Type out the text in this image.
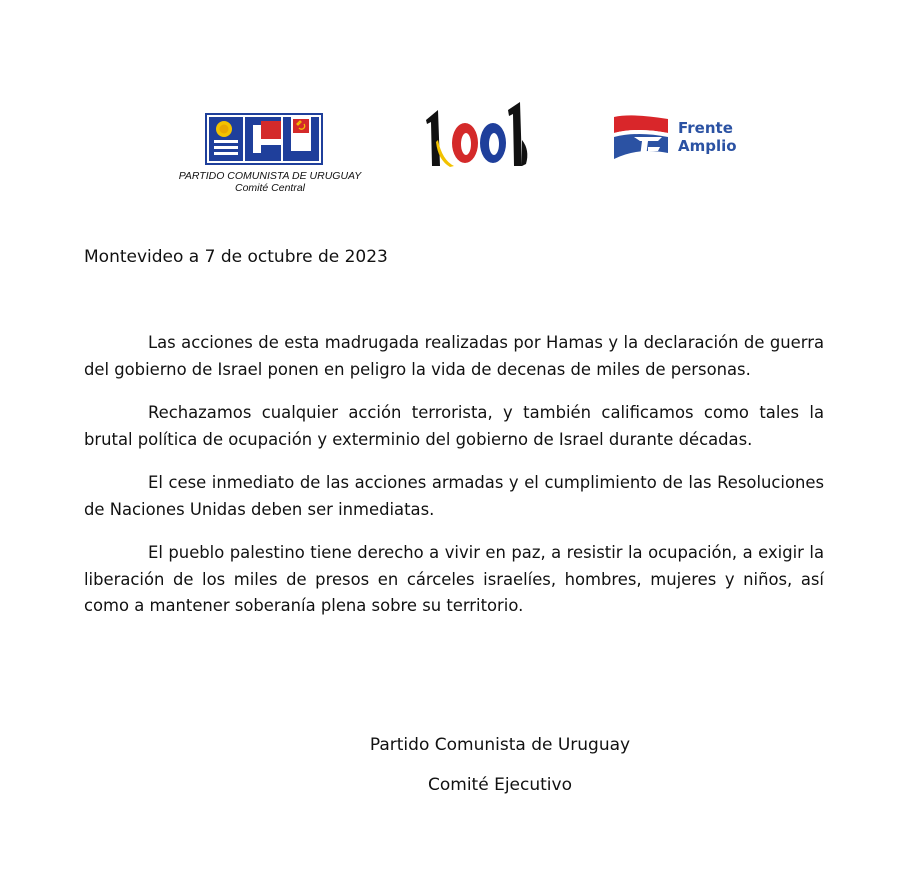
PARTIDO COMUNISTA DE URUGUAY
Comité Central
Frente
Amplio
Montevideo a 7 de octubre de 2023

Las acciones de esta madrugada realizadas por Hamas y la declaración de guerra del gobierno de Israel ponen en peligro la vida de decenas de miles de personas.

Rechazamos cualquier acción terrorista, y también calificamos como tales la brutal política de ocupación y exterminio del gobierno de Israel durante décadas.

El cese inmediato de las acciones armadas y el cumplimiento de las Resoluciones de Naciones Unidas deben ser inmediatas.

El pueblo palestino tiene derecho a vivir en paz, a resistir la ocupación, a exigir la liberación de los miles de presos en cárceles israelíes, hombres, mujeres y niños, así como a mantener soberanía plena sobre su territorio.

Partido Comunista de Uruguay
Comité Ejecutivo
